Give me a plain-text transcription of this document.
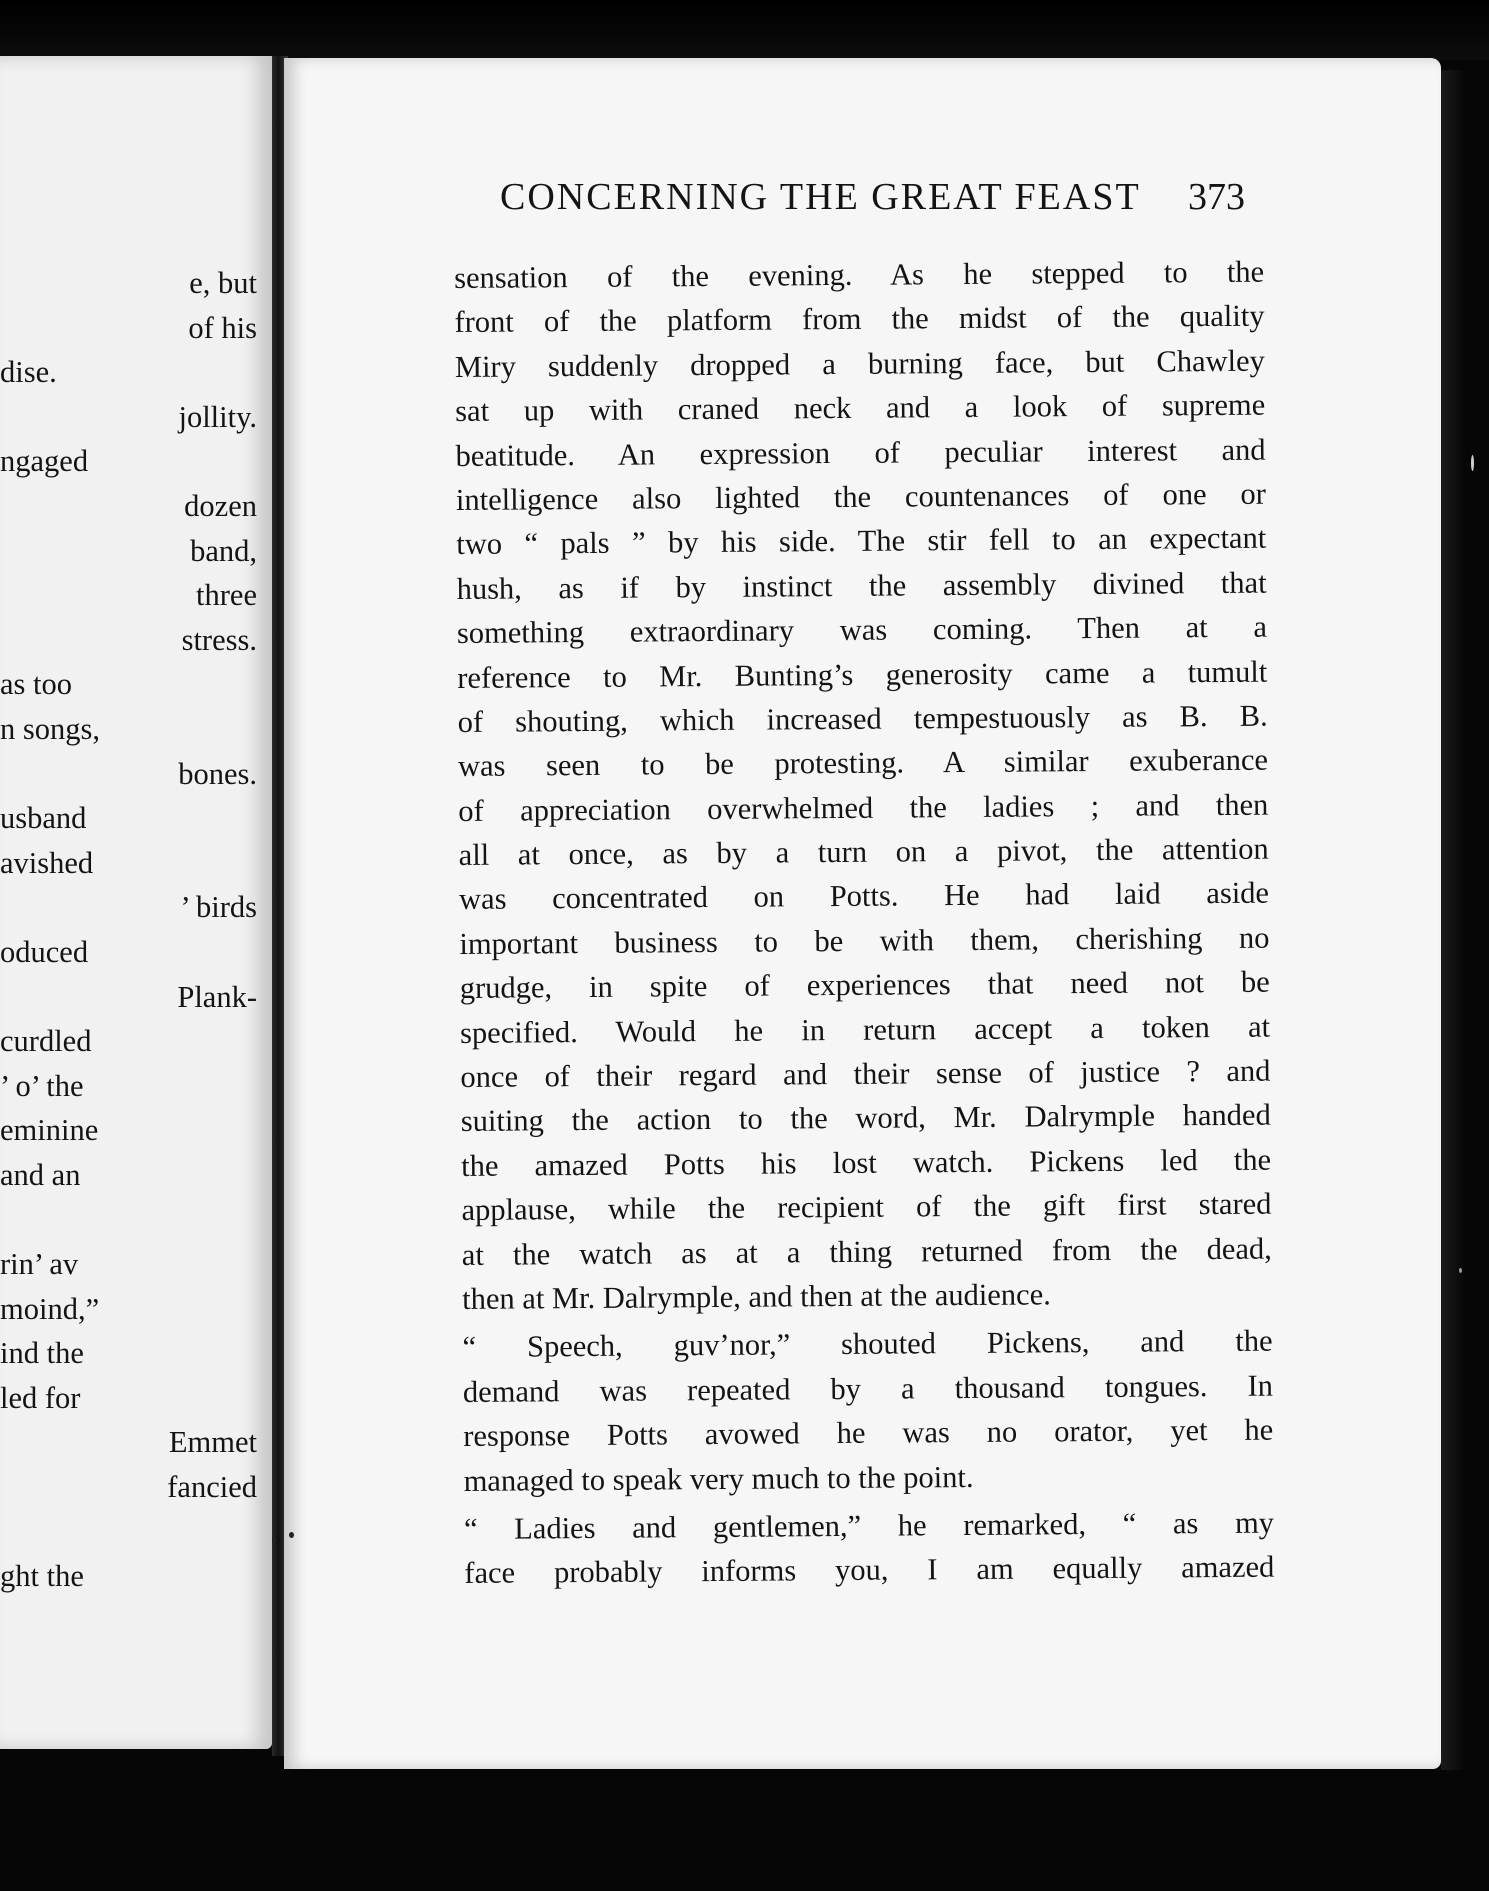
e, but
of his
dise.
jollity.
ngaged
dozen
band,
three
stress.
as too
n songs,
bones.
usband
avished
’ birds
oduced
Plank-
curdled
’ o’ the
eminine
and an
rin’ av
moind,”
ind the
led for
Emmet
fancied
ght the
CONCERNING THE GREAT FEAST 373
sensation of the evening. As he stepped to the
front of the platform from the midst of the quality
Miry suddenly dropped a burning face, but Chawley
sat up with craned neck and a look of supreme
beatitude. An expression of peculiar interest and
intelligence also lighted the countenances of one or
two “ pals ” by his side. The stir fell to an expectant
hush, as if by instinct the assembly divined that
something extraordinary was coming. Then at a
reference to Mr. Bunting’s generosity came a tumult
of shouting, which increased tempestuously as B. B.
was seen to be protesting. A similar exuberance
of appreciation overwhelmed the ladies ; and then
all at once, as by a turn on a pivot, the attention
was concentrated on Potts. He had laid aside
important business to be with them, cherishing no
grudge, in spite of experiences that need not be
specified. Would he in return accept a token at
once of their regard and their sense of justice ? and
suiting the action to the word, Mr. Dalrymple handed
the amazed Potts his lost watch. Pickens led the
applause, while the recipient of the gift first stared
at the watch as at a thing returned from the dead,
then at Mr. Dalrymple, and then at the audience.
“ Speech, guv’nor,” shouted Pickens, and the
demand was repeated by a thousand tongues. In
response Potts avowed he was no orator, yet he
managed to speak very much to the point.
“ Ladies and gentlemen,” he remarked, “ as my
face probably informs you, I am equally amazed
